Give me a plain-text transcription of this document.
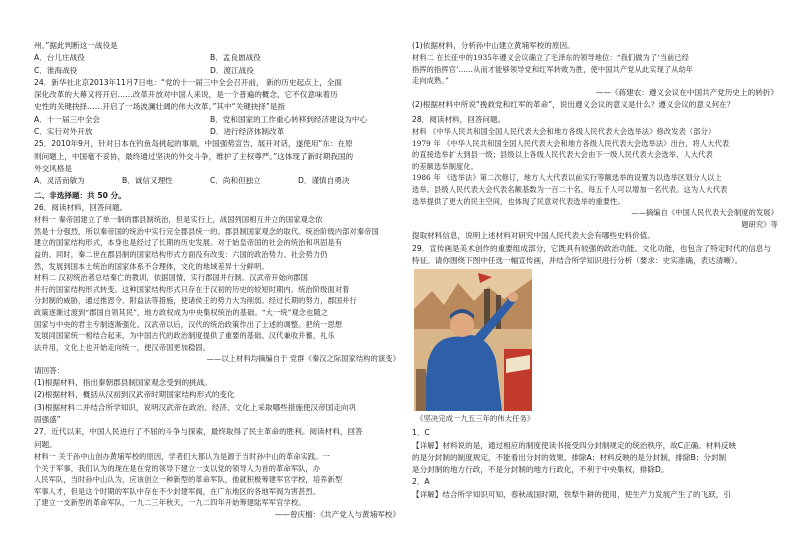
州。”据此判断这一战役是
A．台儿庄战役	B．孟良崮战役
C．淮海战役	D．渡江战役
24．新华社北京2013年11月7日电：“党的十一届三中全会召开前， 新的历史起点上，全面
深化改革的大幕又将开启……改革开放对中国人来说，是一个普遍的概念，它不仅意味着历
史性的关键抉择……开启了一场波澜壮阔的伟大改革。”其中“关键抉择”是指
A．十一届三中全会	B．党和国家的工作重心转移到经济建设为中心
C．实行对外开放	D．进行经济体制改革
25．2010年9月，针对日本在钓鱼岛挑起的事端，中国强势宣告，展开对话，遂使用“东：在原
则问题上，中国毫不妥协，最终通过坚决的外交斗争，维护了主权尊严。”这体现了新时期我国的
外交风格是
A．灵活而敏为	B．诚信又理性	C．尚和但独立	D．谨慎自勇决
二、非选择题：共 50 分。
26．阅读材料，回答问题。
材料一 秦帝国建立了单一制的郡县制统治，但是实行上，战国列国相互并立的国家观念依
然是十分强烈，所以秦帝国的统治中实行完全郡县统一的。郡县制国家观念的取代。统治阶级内部对秦帝国
建立的国家结构形式，本身也是经过了长期的历史发展。对于始皇帝国的社会的统治和巩固是有
益的。同时，秦二世在郡县制的国家结构形式方面没有改变：六国的政治势力、社会势力仍
然，发展到国本土统治的国家体系不合理体，文化的地域差异十分鲜明。
材料二 汉初统治者总结秦亡的教训，依据国情，实行郡国并行制。汉武帝开始向郡国
并行的国家结构形式转变。这种国家结构形式只存在于汉初的历史的较短时期内。统治阶级面对着
分封制的威胁，通过推恩令、附益法等措施，使诸侯王的势力大为削弱。经过长期的努力，郡国并行
政策逐渐过渡到“郡国自领其民”，地方政权成为中央集权统治的基础。“大一统”观念也随之
国家与中央的君主专制逐渐强化。汉武帝以后，汉代的统治政策作出了上述的调整。把统一思想
发展同国家统一相结合起来，为中国古代的政治制度提供了重要的基础。汉代兼收并蓄，礼乐
法并用，文化上也开始走向统一，便汉帝国更加稳固。
——以上材料均摘编自于 党群《秦汉之际国家结构的演变》
请回答：
(1)根据材料，指出秦朝郡县制国家观念受到的挑战。
(2)根据材料，概括从汉初到汉武帝时期国家结构形式的变化
(3)根据材料二并结合所学知识，说明汉武帝在政治、经济、文化上采取哪些措施使汉帝国走向巩
固强盛”
27．近代以来，中国人民进行了不屈的斗争与探索，最终取得了民主革命的胜利。阅读材料，回答
问题。
材料一 关于孙中山创办黄埔军校的原因，学者们大都认为是源于当时孙中山的革命实践。一
个关于军事，我们认为的现在是在党的领导下建立一支以党的领导人为首的革命军队，办
人民军队，当时孙中山认为，应该创立一种新型的革命军队，他就积极筹建军官学校，培养新型
军事人才，但是这个时期的军队中存在不少封建军阀，在广东地区的各地军阀为害甚烈。
了建立一支新型的革命军队，一九二三年秋天，一九二四年开始筹建陆军军官学校。
——曾庆榴：《共产党人与黄埔军校》
(1)依据材料，分析孙中山建立黄埔军校的原因。
材料二 在长征中的1935年遵义会议确立了毛泽东的领导地位：“我们做为了‘当前已经
指挥的指挥官’……从而才能够领导党和红军转败为胜，使中国共产党从此实现了从幼年
走向成熟。”
——《蒋建农：遵义会议在中国共产党历史上的转折》
(2)根据材料中所说“挽救党和红军的革命”，说出遵义会议的意义是什么？遵义会议的意义何在？
28．阅读材料，回答问题。
材料 《中华人民共和国全国人民代表大会和地方各级人民代表大会选举法》修改发表（部分）
1979 年 《中华人民共和国全国人民代表大会和地方各级人民代表大会选举法》出台，将人大代表
的直接选举扩大到县一级；县级以上各级人民代表大会由下一级人民代表大会选举，人大代表
的差额选举制度化。
1986 年 《选举法》第二次修订，地方人大代表以前实行等额选举的设置为以选举区划分人以上
选举。县级人民代表大会代表名额基数为一百二十名，每五千人可以增加一名代表。这为人大代表
选举提供了更大的民主空间，也体现了民意对代表选举的重要性。
——摘编自《中国人民代表大会制度的发展》
题研究》等
提取材料信息，说明上述材料对研究中国人民代表大会有哪些史料价值。
29．宣传画是美术创作的重要组成部分，它既具有较强的政治功能、文化功能，也包含了特定时代的信息与
特征。请你围绕下图中任选一幅宣传画，并结合所学知识进行分析（要求：史实准确，表达清晰）。
《坚决完成一九五三年的伟大任务》
1．C
【详解】材料说的是，通过相应的制度使读书接受四分封制规定的统治秩序，故C正确。材料反映
的是分封制的制度规定，不能看出分封的效果，排除A；材料反映的是分封制，排除B；分封制
是分封制的地方行政，不是分封制的地方行政化，不利于中央集权，排除D。
2．A
【详解】结合所学知识可知，春秋战国时期，铁犁牛耕的使用，使生产力发展产生了的飞跃，引
